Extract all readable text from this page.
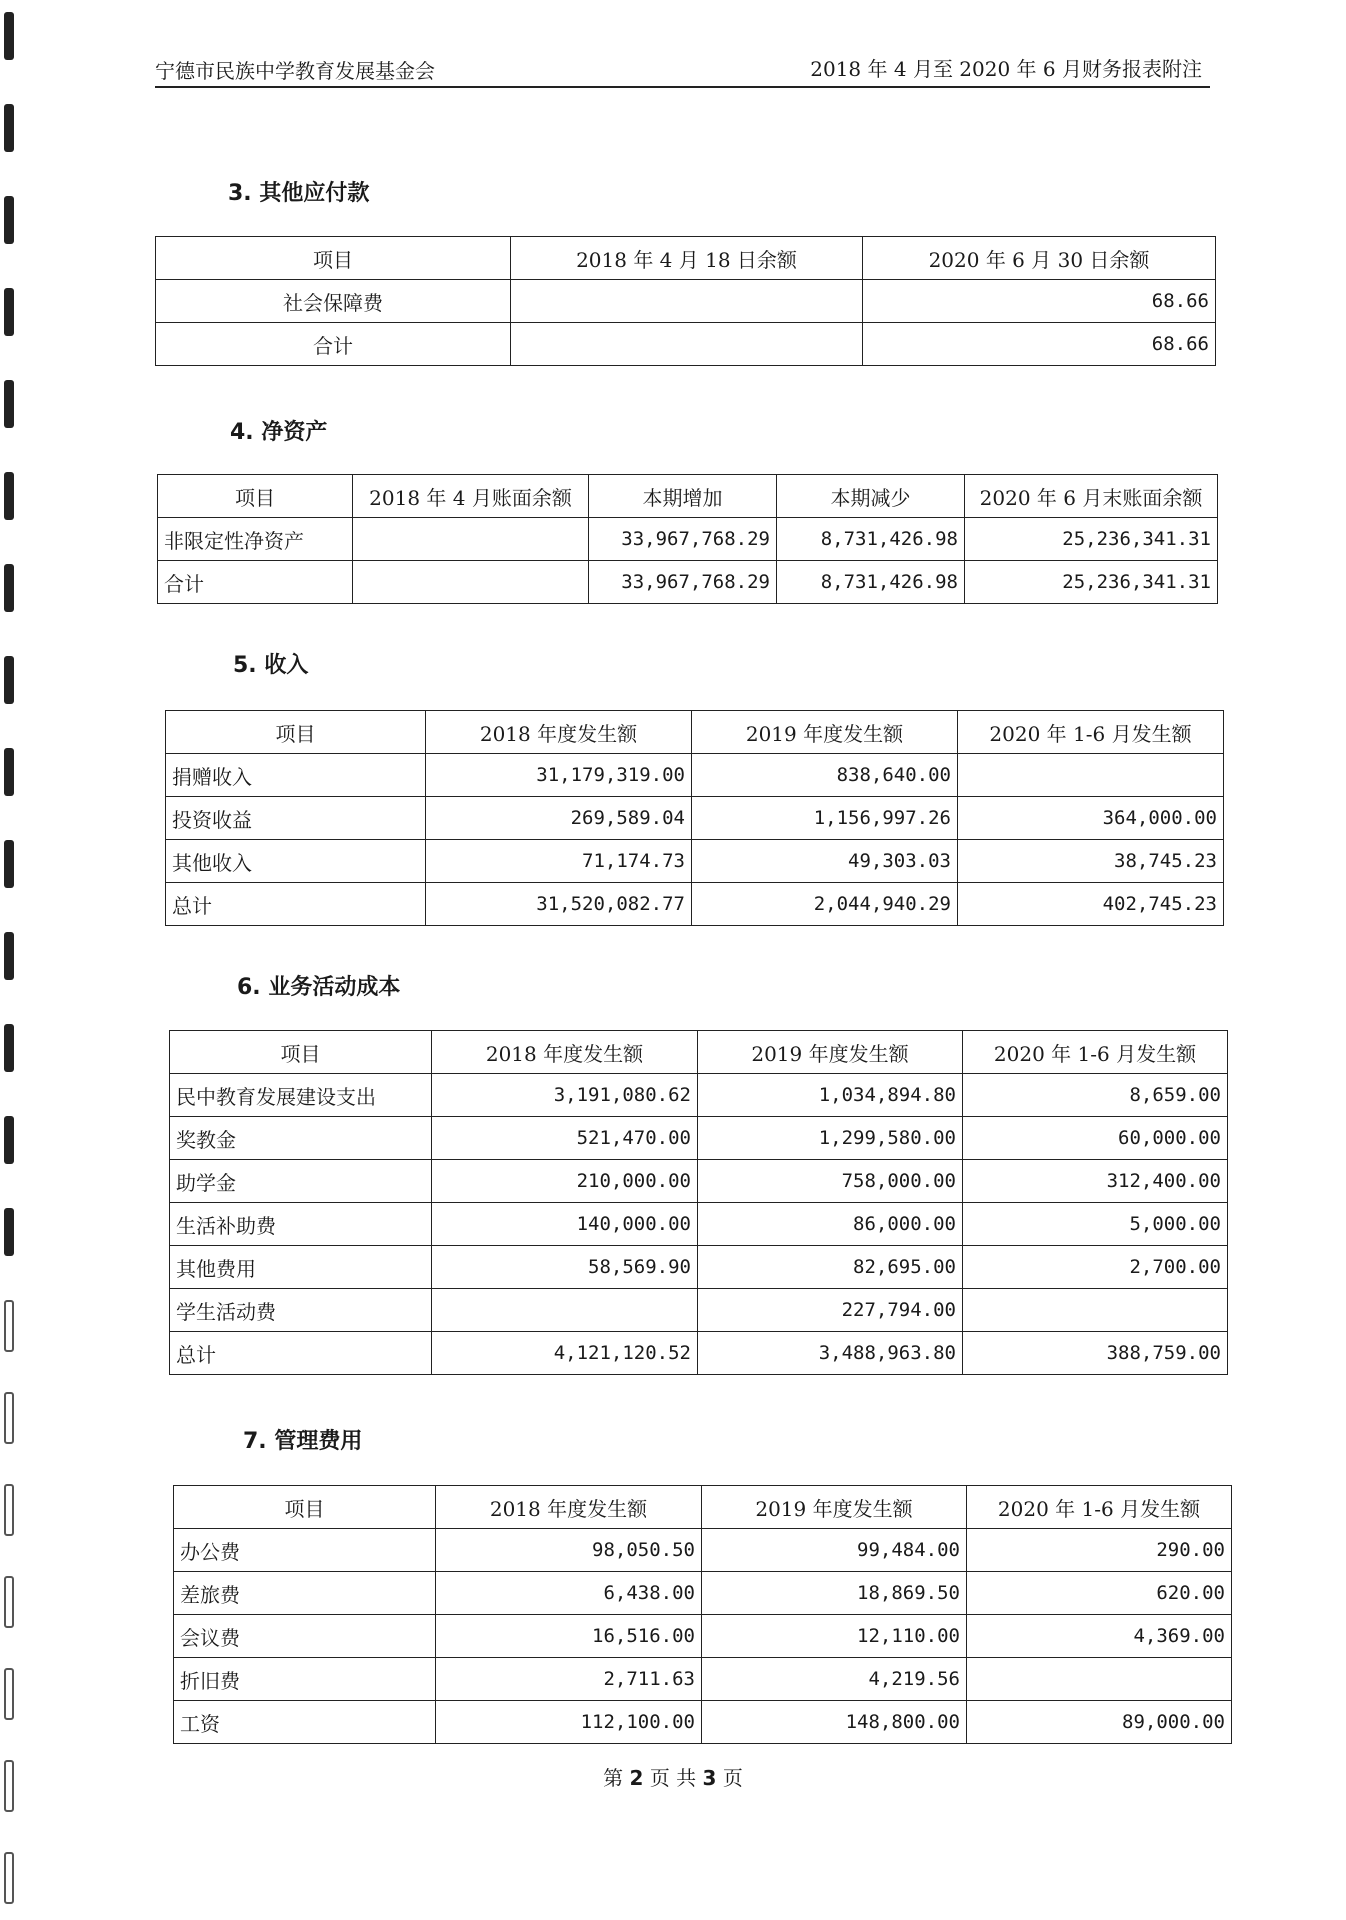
宁德市民族中学教育发展基金会	2018 年 4 月至 2020 年 6 月财务报表附注
3. 其他应付款
项目	2018 年 4 月 18 日余额	2020 年 6 月 30 日余额
社会保障费		68.66
合计		68.66
4. 净资产
项目	2018 年 4 月账面余额	本期增加	本期减少	2020 年 6 月末账面余额
非限定性净资产		33,967,768.29	8,731,426.98	25,236,341.31
合计		33,967,768.29	8,731,426.98	25,236,341.31
5. 收入
项目	2018 年度发生额	2019 年度发生额	2020 年 1-6 月发生额
捐赠收入	31,179,319.00	838,640.00	
投资收益	269,589.04	1,156,997.26	364,000.00
其他收入	71,174.73	49,303.03	38,745.23
总计	31,520,082.77	2,044,940.29	402,745.23
6. 业务活动成本
项目	2018 年度发生额	2019 年度发生额	2020 年 1-6 月发生额
民中教育发展建设支出	3,191,080.62	1,034,894.80	8,659.00
奖教金	521,470.00	1,299,580.00	60,000.00
助学金	210,000.00	758,000.00	312,400.00
生活补助费	140,000.00	86,000.00	5,000.00
其他费用	58,569.90	82,695.00	2,700.00
学生活动费		227,794.00	
总计	4,121,120.52	3,488,963.80	388,759.00
7. 管理费用
项目	2018 年度发生额	2019 年度发生额	2020 年 1-6 月发生额
办公费	98,050.50	99,484.00	290.00
差旅费	6,438.00	18,869.50	620.00
会议费	16,516.00	12,110.00	4,369.00
折旧费	2,711.63	4,219.56	
工资	112,100.00	148,800.00	89,000.00
第 2 页 共 3 页
